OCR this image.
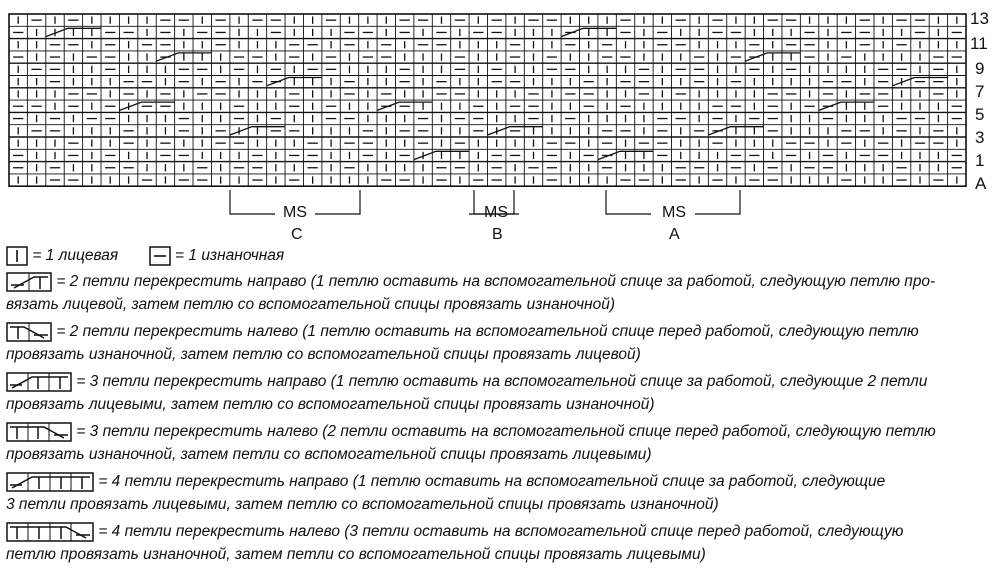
13
11
9
7
5
3
1
A
MS
C
MS
B
MS
A
= 1 лицевая	= 1 изнаночная
= 2 петли перекрестить направо (1 петлю оставить на вспомогательной спице за работой, следующую петлю про-
вязать лицевой, затем петлю со вспомогательной спицы провязать изнаночной)
= 2 петли перекрестить налево (1 петлю оставить на вспомогательной спице перед работой, следующую петлю
провязать изнаночной, затем петлю со вспомогательной спицы провязать лицевой)
= 3 петли перекрестить направо (1 петлю оставить на вспомогательной спице за работой, следующие 2 петли
провязать лицевыми, затем петлю со вспомогательной спицы провязать изнаночной)
= 3 петли перекрестить налево (2 петли оставить на вспомогательной спице перед работой, следующую петлю
провязать изнаночной, затем петли со вспомогательной спицы провязать лицевыми)
= 4 петли перекрестить направо (1 петлю оставить на вспомогательной спице за работой, следующие
3 петли провязать лицевыми, затем петлю со вспомогательной спицы провязать изнаночной)
= 4 петли перекрестить налево (3 петли оставить на вспомогательной спице перед работой, следующую
петлю провязать изнаночной, затем петли со вспомогательной спицы провязать лицевыми)
